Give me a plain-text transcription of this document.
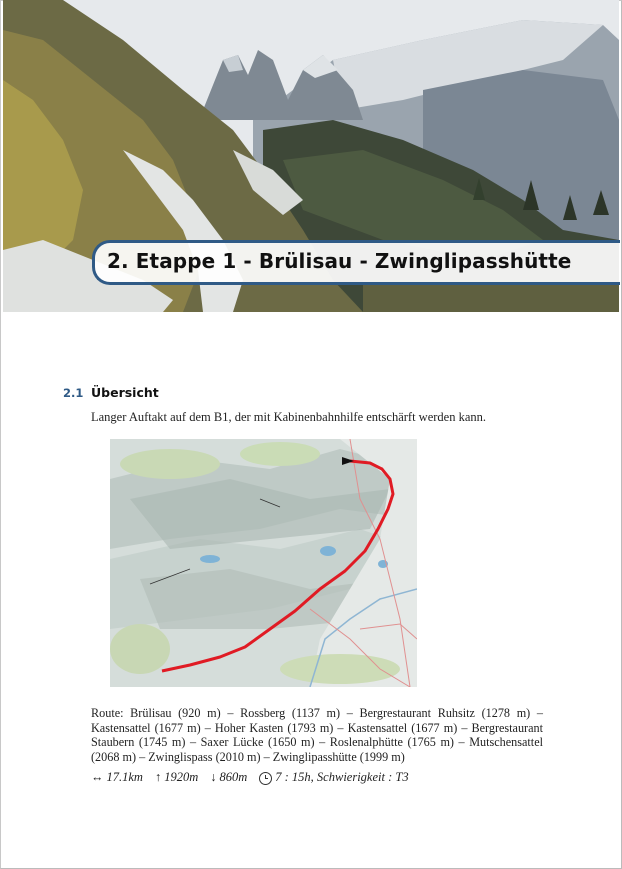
2. Etappe 1 - Brülisau - Zwinglipasshütte
2.1 Übersicht
Langer Auftakt auf dem B1, der mit Kabinenbahnhilfe entschärft werden kann.
Route: Brülisau (920 m) – Rossberg (1137 m) – Bergrestaurant Ruhsitz (1278 m) – Kastensattel (1677 m) – Hoher Kasten (1793 m) – Kastensattel (1677 m) – Bergrestaurant Staubern (1745 m) – Saxer Lücke (1650 m) – Roslenalphütte (1765 m) – Mutschensattel (2068 m) – Zwinglispass (2010 m) – Zwinglipasshütte (1999 m)
↔ 17.1km ↑ 1920m ↓ 860m 7 : 15h, Schwierigkeit : T3
